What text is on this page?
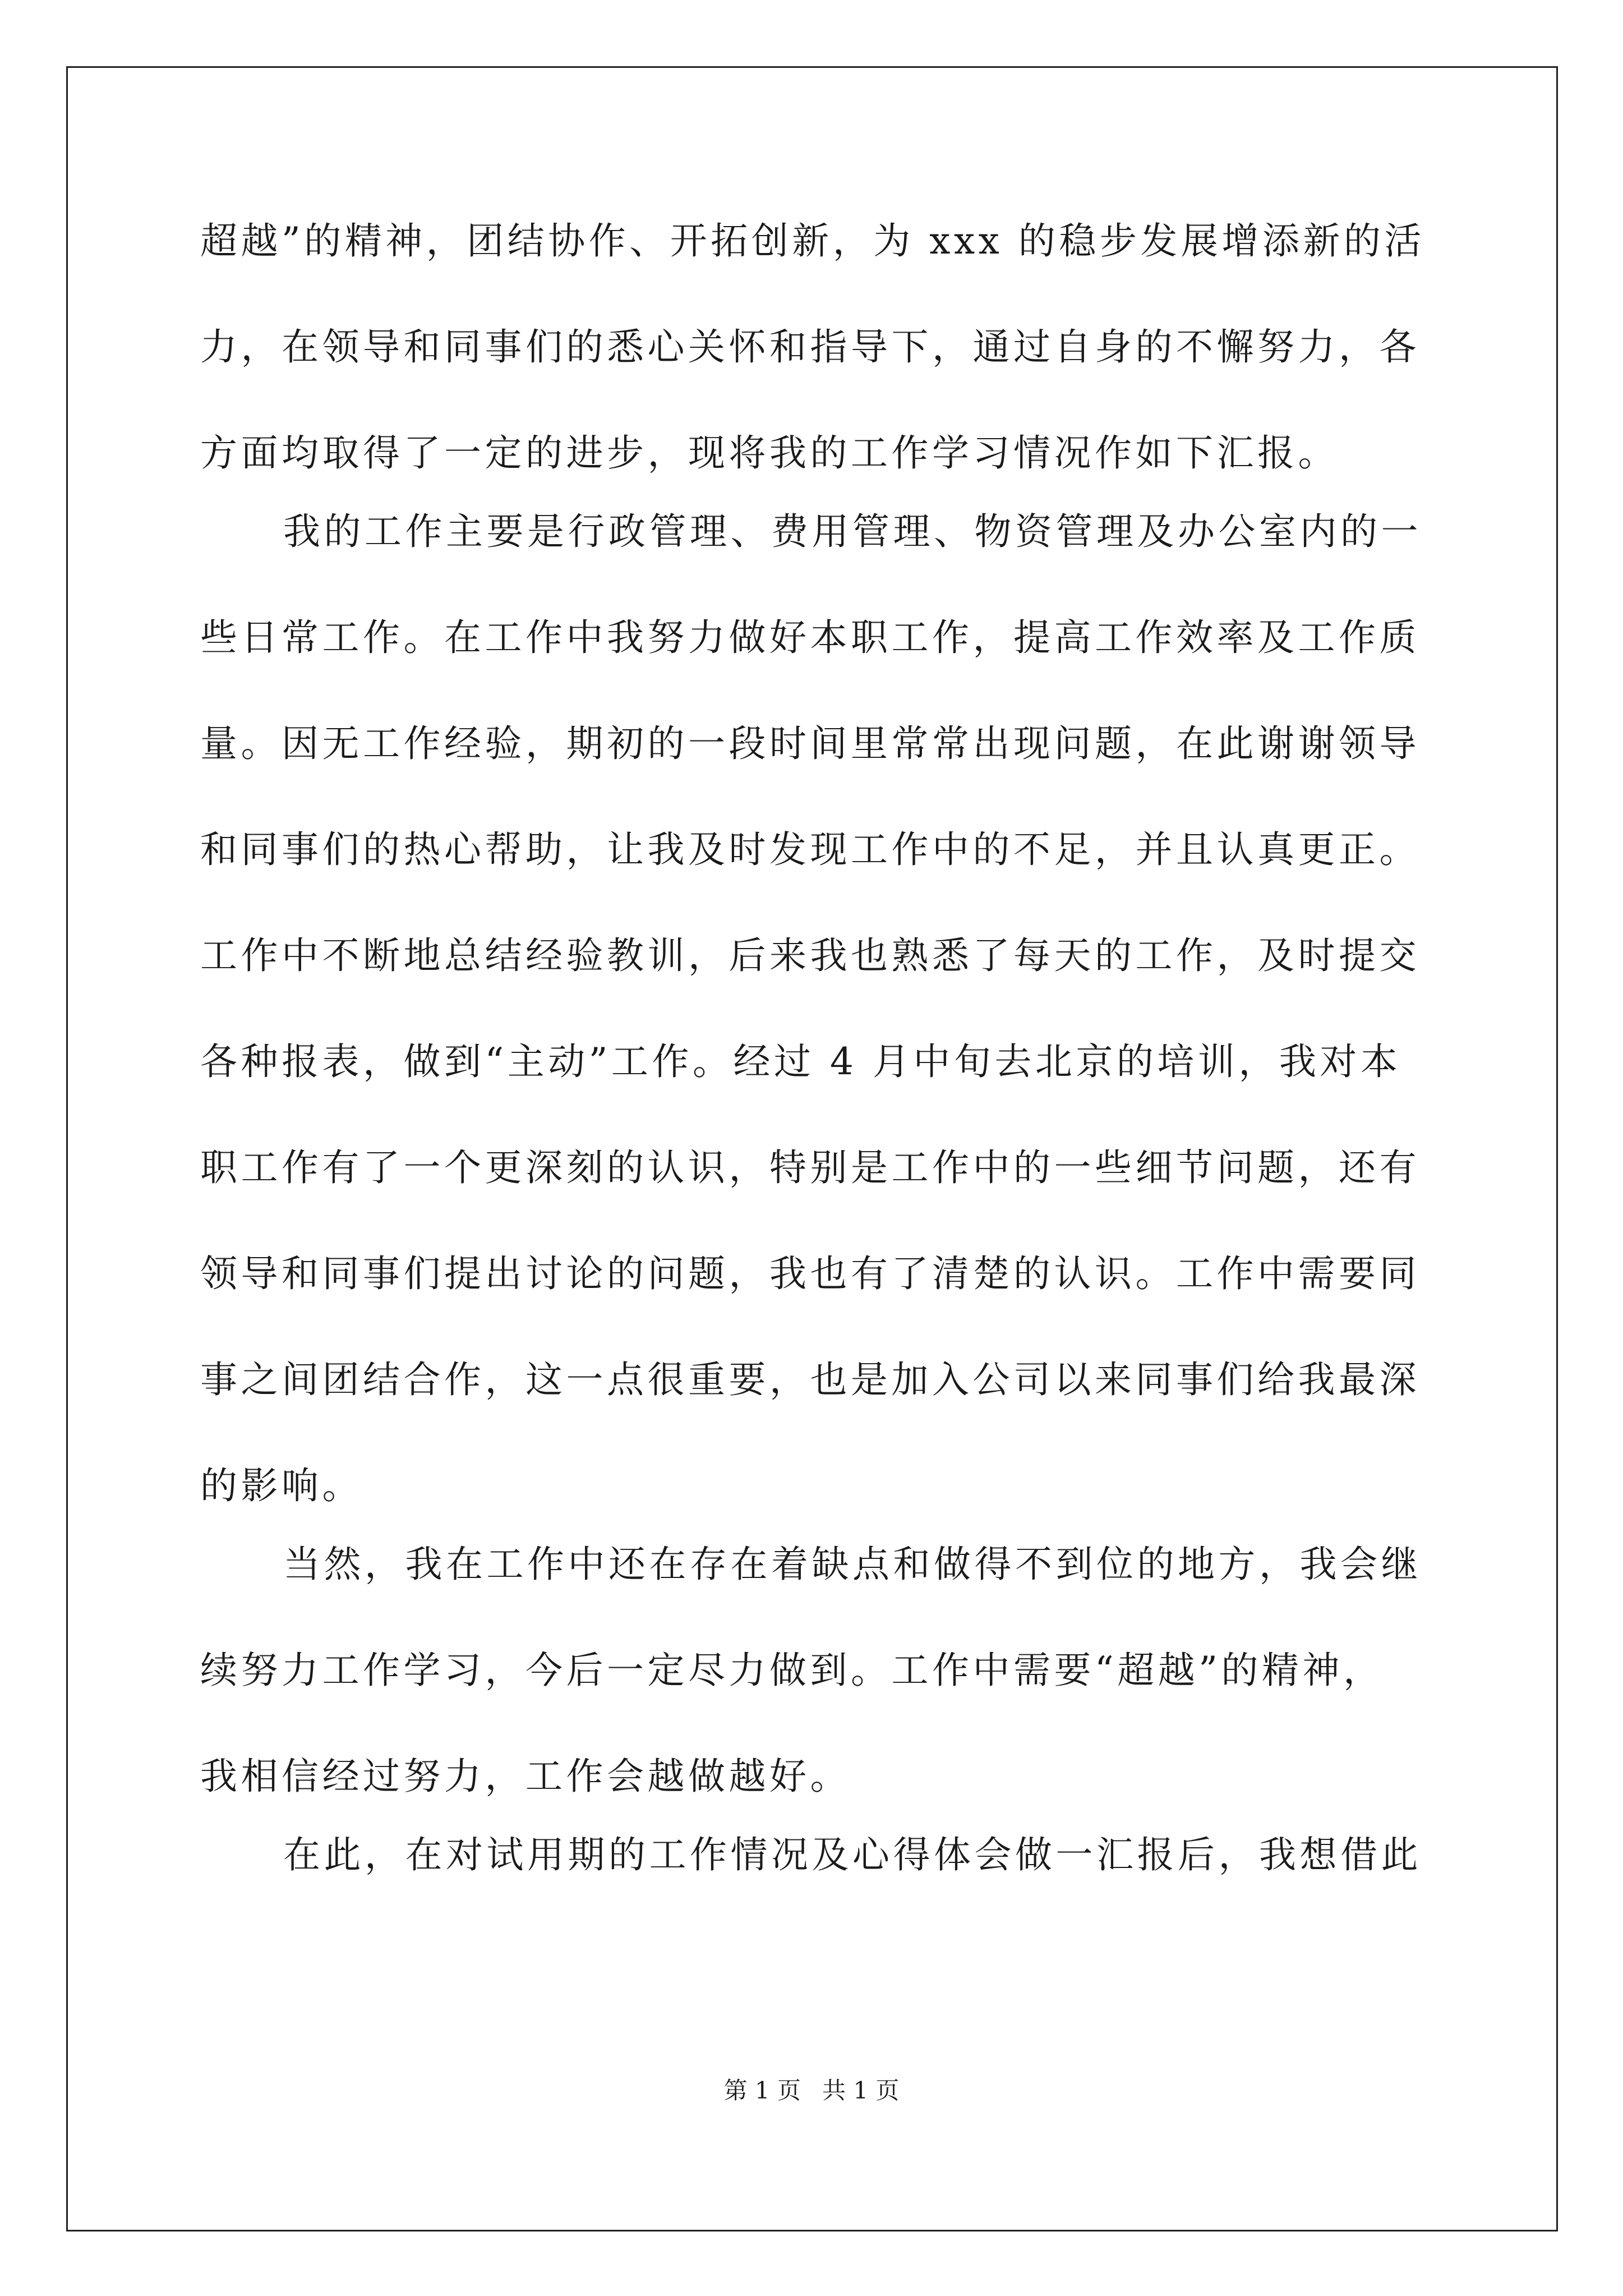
超越”的精神，团结协作、开拓创新，为 xxx 的稳步发展增添新的活
力，在领导和同事们的悉心关怀和指导下，通过自身的不懈努力，各
方面均取得了一定的进步，现将我的工作学习情况作如下汇报。
我的工作主要是行政管理、费用管理、物资管理及办公室内的一
些日常工作。在工作中我努力做好本职工作，提高工作效率及工作质
量。因无工作经验，期初的一段时间里常常出现问题，在此谢谢领导
和同事们的热心帮助，让我及时发现工作中的不足，并且认真更正。
工作中不断地总结经验教训，后来我也熟悉了每天的工作，及时提交
各种报表，做到“主动”工作。经过 4 月中旬去北京的培训，我对本
职工作有了一个更深刻的认识，特别是工作中的一些细节问题，还有
领导和同事们提出讨论的问题，我也有了清楚的认识。工作中需要同
事之间团结合作，这一点很重要，也是加入公司以来同事们给我最深
的影响。
当然，我在工作中还在存在着缺点和做得不到位的地方，我会继
续努力工作学习，今后一定尽力做到。工作中需要“超越”的精神，
我相信经过努力，工作会越做越好。
在此，在对试用期的工作情况及心得体会做一汇报后，我想借此
第 1 页 共 1 页
